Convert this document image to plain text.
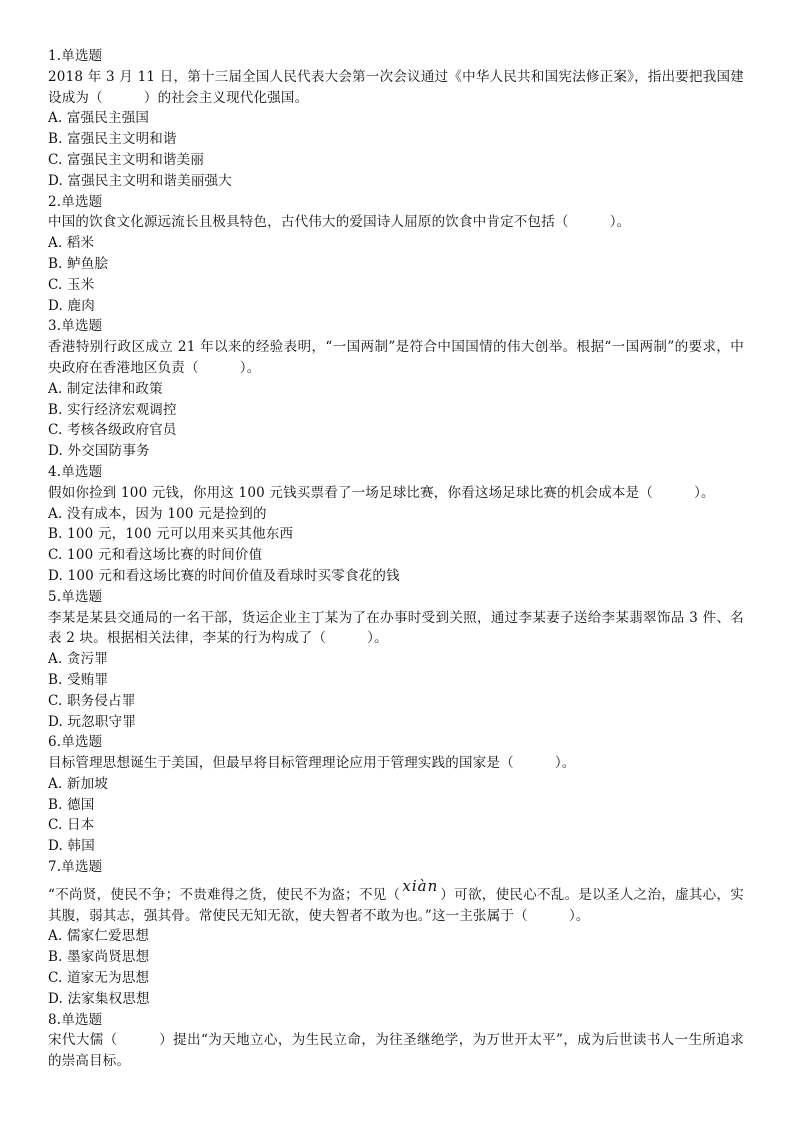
1.单选题
2018 年 3 月 11 日，第十三届全国人民代表大会第一次会议通过《中华人民共和国宪法修正案》，指出要把我国建设成为（　　　）的社会主义现代化强国。
A. 富强民主强国
B. 富强民主文明和谐
C. 富强民主文明和谐美丽
D. 富强民主文明和谐美丽强大
2.单选题
中国的饮食文化源远流长且极具特色，古代伟大的爱国诗人屈原的饮食中肯定不包括（　　　）。
A. 稻米
B. 鲈鱼脍
C. 玉米
D. 鹿肉
3.单选题
香港特别行政区成立 21 年以来的经验表明，“一国两制”是符合中国国情的伟大创举。根据“一国两制”的要求，中央政府在香港地区负责（　　　）。
A. 制定法律和政策
B. 实行经济宏观调控
C. 考核各级政府官员
D. 外交国防事务
4.单选题
假如你捡到 100 元钱，你用这 100 元钱买票看了一场足球比赛，你看这场足球比赛的机会成本是（　　　）。
A. 没有成本，因为 100 元是捡到的
B. 100 元，100 元可以用来买其他东西
C. 100 元和看这场比赛的时间价值
D. 100 元和看这场比赛的时间价值及看球时买零食花的钱
5.单选题
李某是某县交通局的一名干部，货运企业主丁某为了在办事时受到关照，通过李某妻子送给李某翡翠饰品 3 件、名表 2 块。根据相关法律，李某的行为构成了（　　　）。
A. 贪污罪
B. 受贿罪
C. 职务侵占罪
D. 玩忽职守罪
6.单选题
目标管理思想诞生于美国，但最早将目标管理理论应用于管理实践的国家是（　　　）。
A. 新加坡
B. 德国
C. 日本
D. 韩国
7.单选题
“不尚贤，使民不争；不贵难得之货，使民不为盗；不见（ xiàn ）可欲，使民心不乱。是以圣人之治，虚其心，实其腹，弱其志，强其骨。常使民无知无欲，使夫智者不敢为也。”这一主张属于（　　　）。
A. 儒家仁爱思想
B. 墨家尚贤思想
C. 道家无为思想
D. 法家集权思想
8.单选题
宋代大儒（　　　）提出“为天地立心，为生民立命，为往圣继绝学，为万世开太平”，成为后世读书人一生所追求的崇高目标。
